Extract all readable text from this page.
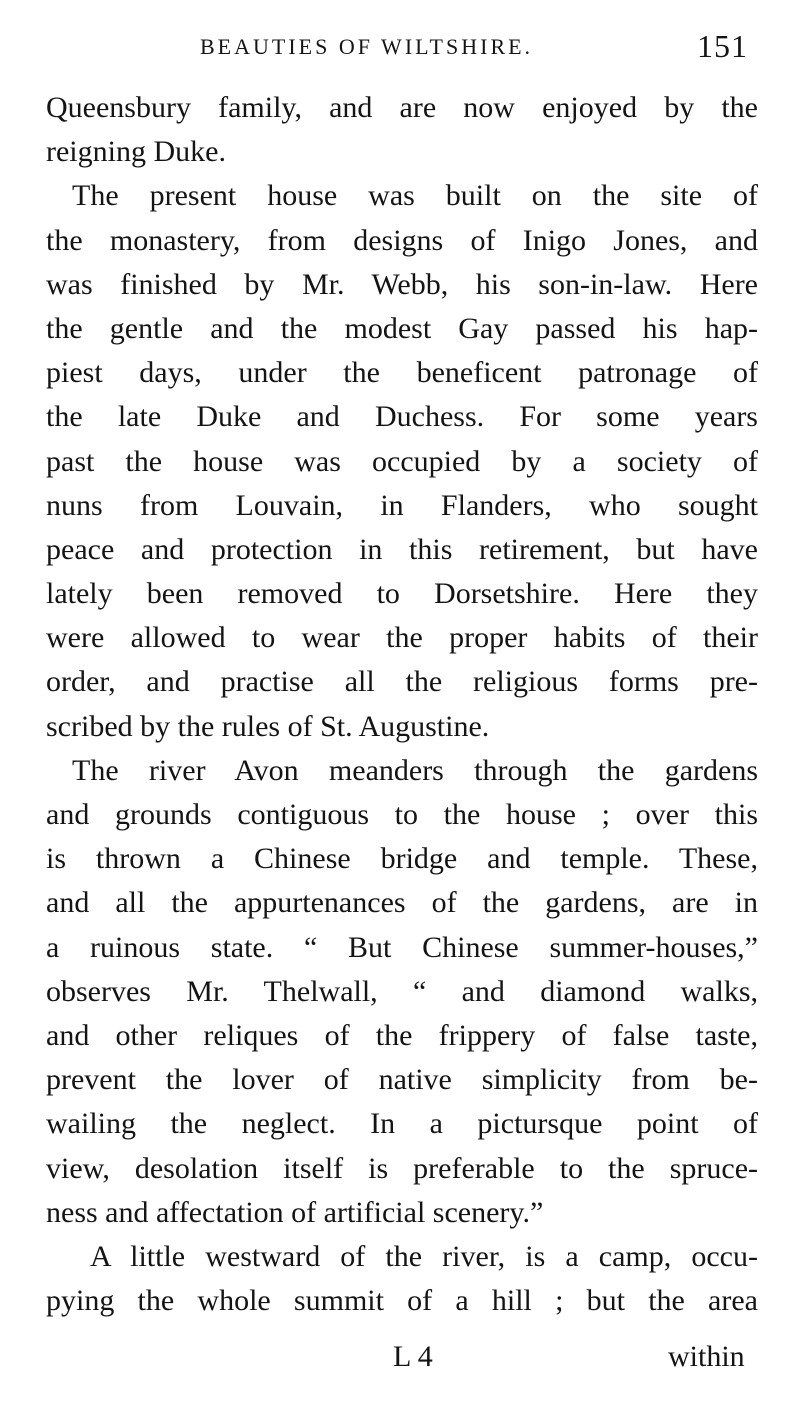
BEAUTIES OF WILTSHIRE.	151
Queensbury family, and are now enjoyed by the
reigning Duke.
The present house was built on the site of
the monastery, from designs of Inigo Jones, and
was finished by Mr. Webb, his son-in-law. Here
the gentle and the modest Gay passed his hap-
piest days, under the beneficent patronage of
the late Duke and Duchess. For some years
past the house was occupied by a society of
nuns from Louvain, in Flanders, who sought
peace and protection in this retirement, but have
lately been removed to Dorsetshire. Here they
were allowed to wear the proper habits of their
order, and practise all the religious forms pre-
scribed by the rules of St. Augustine.
The river Avon meanders through the gardens
and grounds contiguous to the house ; over this
is thrown a Chinese bridge and temple. These,
and all the appurtenances of the gardens, are in
a ruinous state. “ But Chinese summer-houses,”
observes Mr. Thelwall, “ and diamond walks,
and other reliques of the frippery of false taste,
prevent the lover of native simplicity from be-
wailing the neglect. In a pictursque point of
view, desolation itself is preferable to the spruce-
ness and affectation of artificial scenery.”
A little westward of the river, is a camp, occu-
pying the whole summit of a hill ; but the area
L 4	within
